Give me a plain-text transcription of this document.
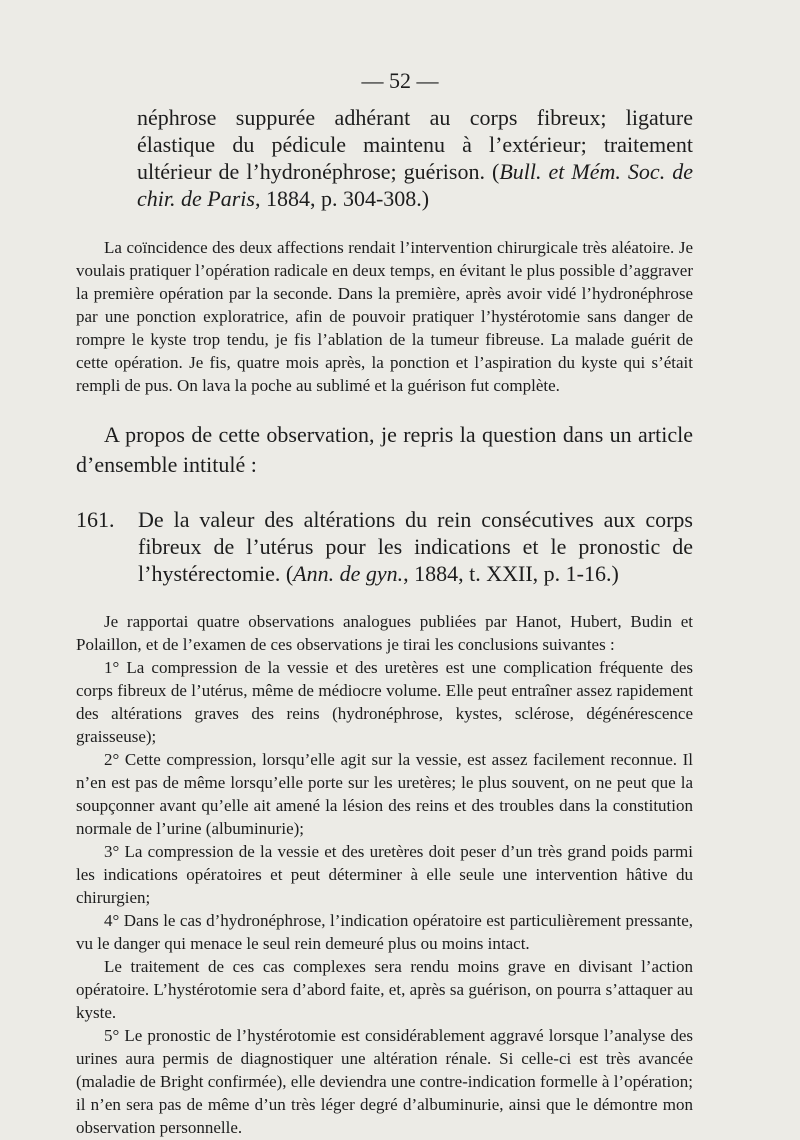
— 52 —

néphrose suppurée adhérant au corps fibreux; ligature élastique du pédicule maintenu à l’extérieur; traitement ultérieur de l’hydronéphrose; guérison. (Bull. et Mém. Soc. de chir. de Paris, 1884, p. 304-308.)

La coïncidence des deux affections rendait l’intervention chirurgicale très aléatoire. Je voulais pratiquer l’opération radicale en deux temps, en évitant le plus possible d’aggraver la première opération par la seconde. Dans la première, après avoir vidé l’hydronéphrose par une ponction exploratrice, afin de pouvoir pratiquer l’hystérotomie sans danger de rompre le kyste trop tendu, je fis l’ablation de la tumeur fibreuse. La malade guérit de cette opération. Je fis, quatre mois après, la ponction et l’aspiration du kyste qui s’était rempli de pus. On lava la poche au sublimé et la guérison fut complète.

A propos de cette observation, je repris la question dans un article d’ensemble intitulé :

161. De la valeur des altérations du rein consécutives aux corps fibreux de l’utérus pour les indications et le pronostic de l’hystérectomie. (Ann. de gyn., 1884, t. XXII, p. 1-16.)

Je rapportai quatre observations analogues publiées par Hanot, Hubert, Budin et Polaillon, et de l’examen de ces observations je tirai les conclusions suivantes :

1° La compression de la vessie et des uretères est une complication fréquente des corps fibreux de l’utérus, même de médiocre volume. Elle peut entraîner assez rapidement des altérations graves des reins (hydronéphrose, kystes, sclérose, dégénérescence graisseuse);

2° Cette compression, lorsqu’elle agit sur la vessie, est assez facilement reconnue. Il n’en est pas de même lorsqu’elle porte sur les uretères; le plus souvent, on ne peut que la soupçonner avant qu’elle ait amené la lésion des reins et des troubles dans la constitution normale de l’urine (albuminurie);

3° La compression de la vessie et des uretères doit peser d’un très grand poids parmi les indications opératoires et peut déterminer à elle seule une intervention hâtive du chirurgien;

4° Dans le cas d’hydronéphrose, l’indication opératoire est particulièrement pressante, vu le danger qui menace le seul rein demeuré plus ou moins intact.

Le traitement de ces cas complexes sera rendu moins grave en divisant l’action opératoire. L’hystérotomie sera d’abord faite, et, après sa guérison, on pourra s’attaquer au kyste.

5° Le pronostic de l’hystérotomie est considérablement aggravé lorsque l’analyse des urines aura permis de diagnostiquer une altération rénale. Si celle-ci est très avancée (maladie de Bright confirmée), elle deviendra une contre-indication formelle à l’opération; il n’en sera pas de même d’un très léger degré d’albuminurie, ainsi que le démontre mon observation personnelle.
